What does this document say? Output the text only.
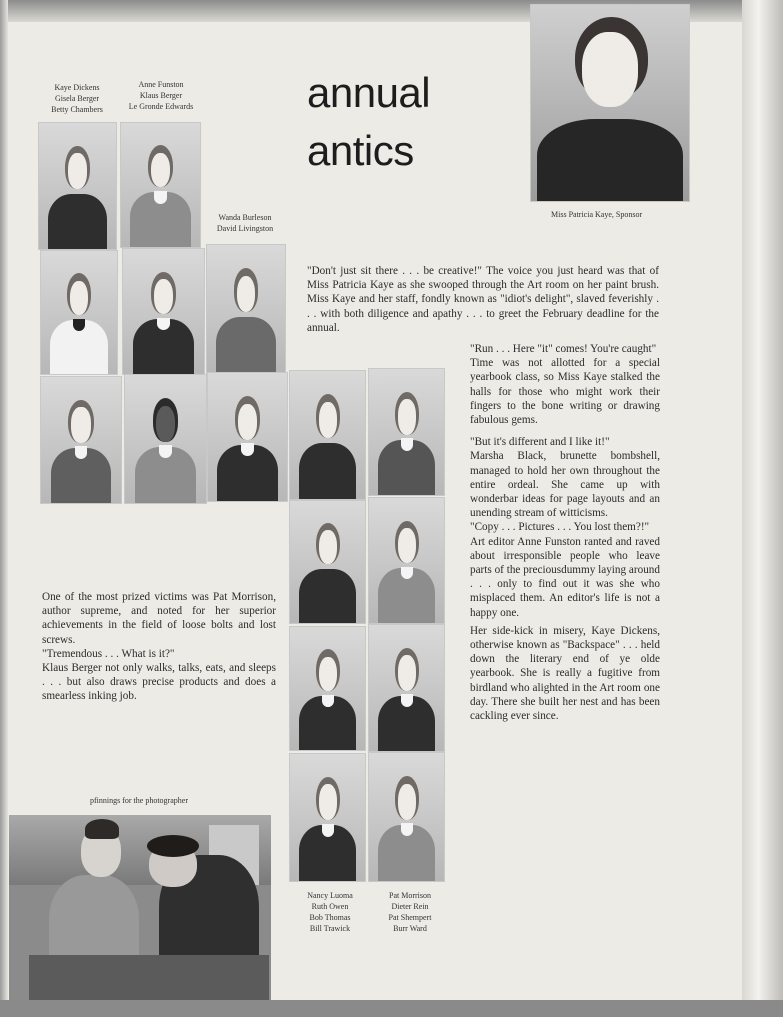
Kaye Dickens
Gisela Berger
Betty Chambers
Anne Funston
Klaus Berger
Le Gronde Edwards	annual
antics
Miss Patricia Kaye, Sponsor
Wanda Burleson
David Livingston
Nancy Luoma
Ruth Owen
Bob Thomas
Bill Trawick
Pat Morrison
Dieter Rein
Pat Shempert
Burr Ward

"Don't just sit there . . . be creative!" The voice you just heard was that of Miss Patricia Kaye as she swooped through the Art room on her paint brush. Miss Kaye and her staff, fondly known as "idiot's delight", slaved feverishly . . . with both diligence and apathy . . . to greet the February deadline for the annual.

"Run . . . Here "it" comes! You're caught"

Time was not allotted for a special yearbook class, so Miss Kaye stalked the halls for those who might work their fingers to the bone writing or drawing fabulous gems.

"But it's different and I like it!"

Marsha Black, brunette bombshell, managed to hold her own throughout the entire ordeal. She came up with wonderbar ideas for page layouts and an unending stream of witticisms.

"Copy . . . Pictures . . . You lost them?!"

Art editor Anne Funston ranted and raved about irresponsible people who leave parts of the preciousdummy laying around . . . only to find out it was she who misplaced them. An editor's life is not a happy one.

Her side-kick in misery, Kaye Dickens, otherwise known as "Backspace" . . . held down the literary end of ye olde yearbook. She is really a fugitive from birdland who alighted in the Art room one day. There she built her nest and has been cackling ever since.

One of the most prized victims was Pat Morrison, author supreme, and noted for her superior achievements in the field of loose bolts and lost screws.

"Tremendous . . . What is it?"

Klaus Berger not only walks, talks, eats, and sleeps . . . but also draws precise products and does a smearless inking job.

pfinnings for the photographer
